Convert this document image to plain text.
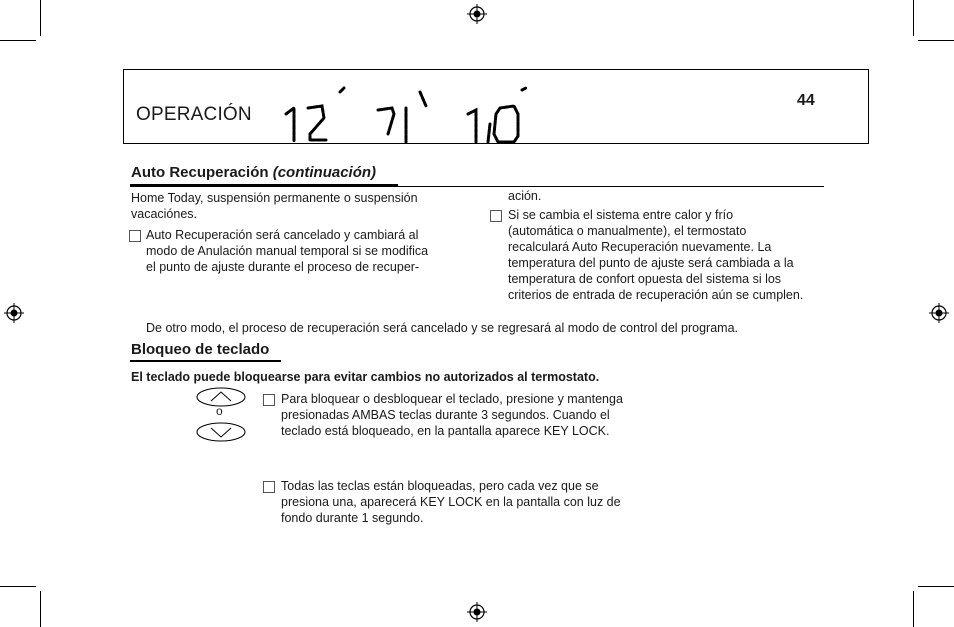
OPERACIÓN
44
Auto Recuperación (continuación)
Home Today, suspensión permanente o suspensión
vacaciónes.
Auto Recuperación será cancelado y cambiará al
modo de Anulación manual temporal si se modifica
el punto de ajuste durante el proceso de recuper-
ación.
Si se cambia el sistema entre calor y frío
(automática o manualmente), el termostato
recalculará Auto Recuperación nuevamente. La
temperatura del punto de ajuste será cambiada a la
temperatura de confort opuesta del sistema si los
criterios de entrada de recuperación aún se cumplen.
De otro modo, el proceso de recuperación será cancelado y se regresará al modo de control del programa.
Bloqueo de teclado
El teclado puede bloquearse para evitar cambios no autorizados al termostato.
o
Para bloquear o desbloquear el teclado, presione y mantenga
presionadas AMBAS teclas durante 3 segundos. Cuando el
teclado está bloqueado, en la pantalla aparece KEY LOCK.
Todas las teclas están bloqueadas, pero cada vez que se
presiona una, aparecerá KEY LOCK en la pantalla con luz de
fondo durante 1 segundo.
